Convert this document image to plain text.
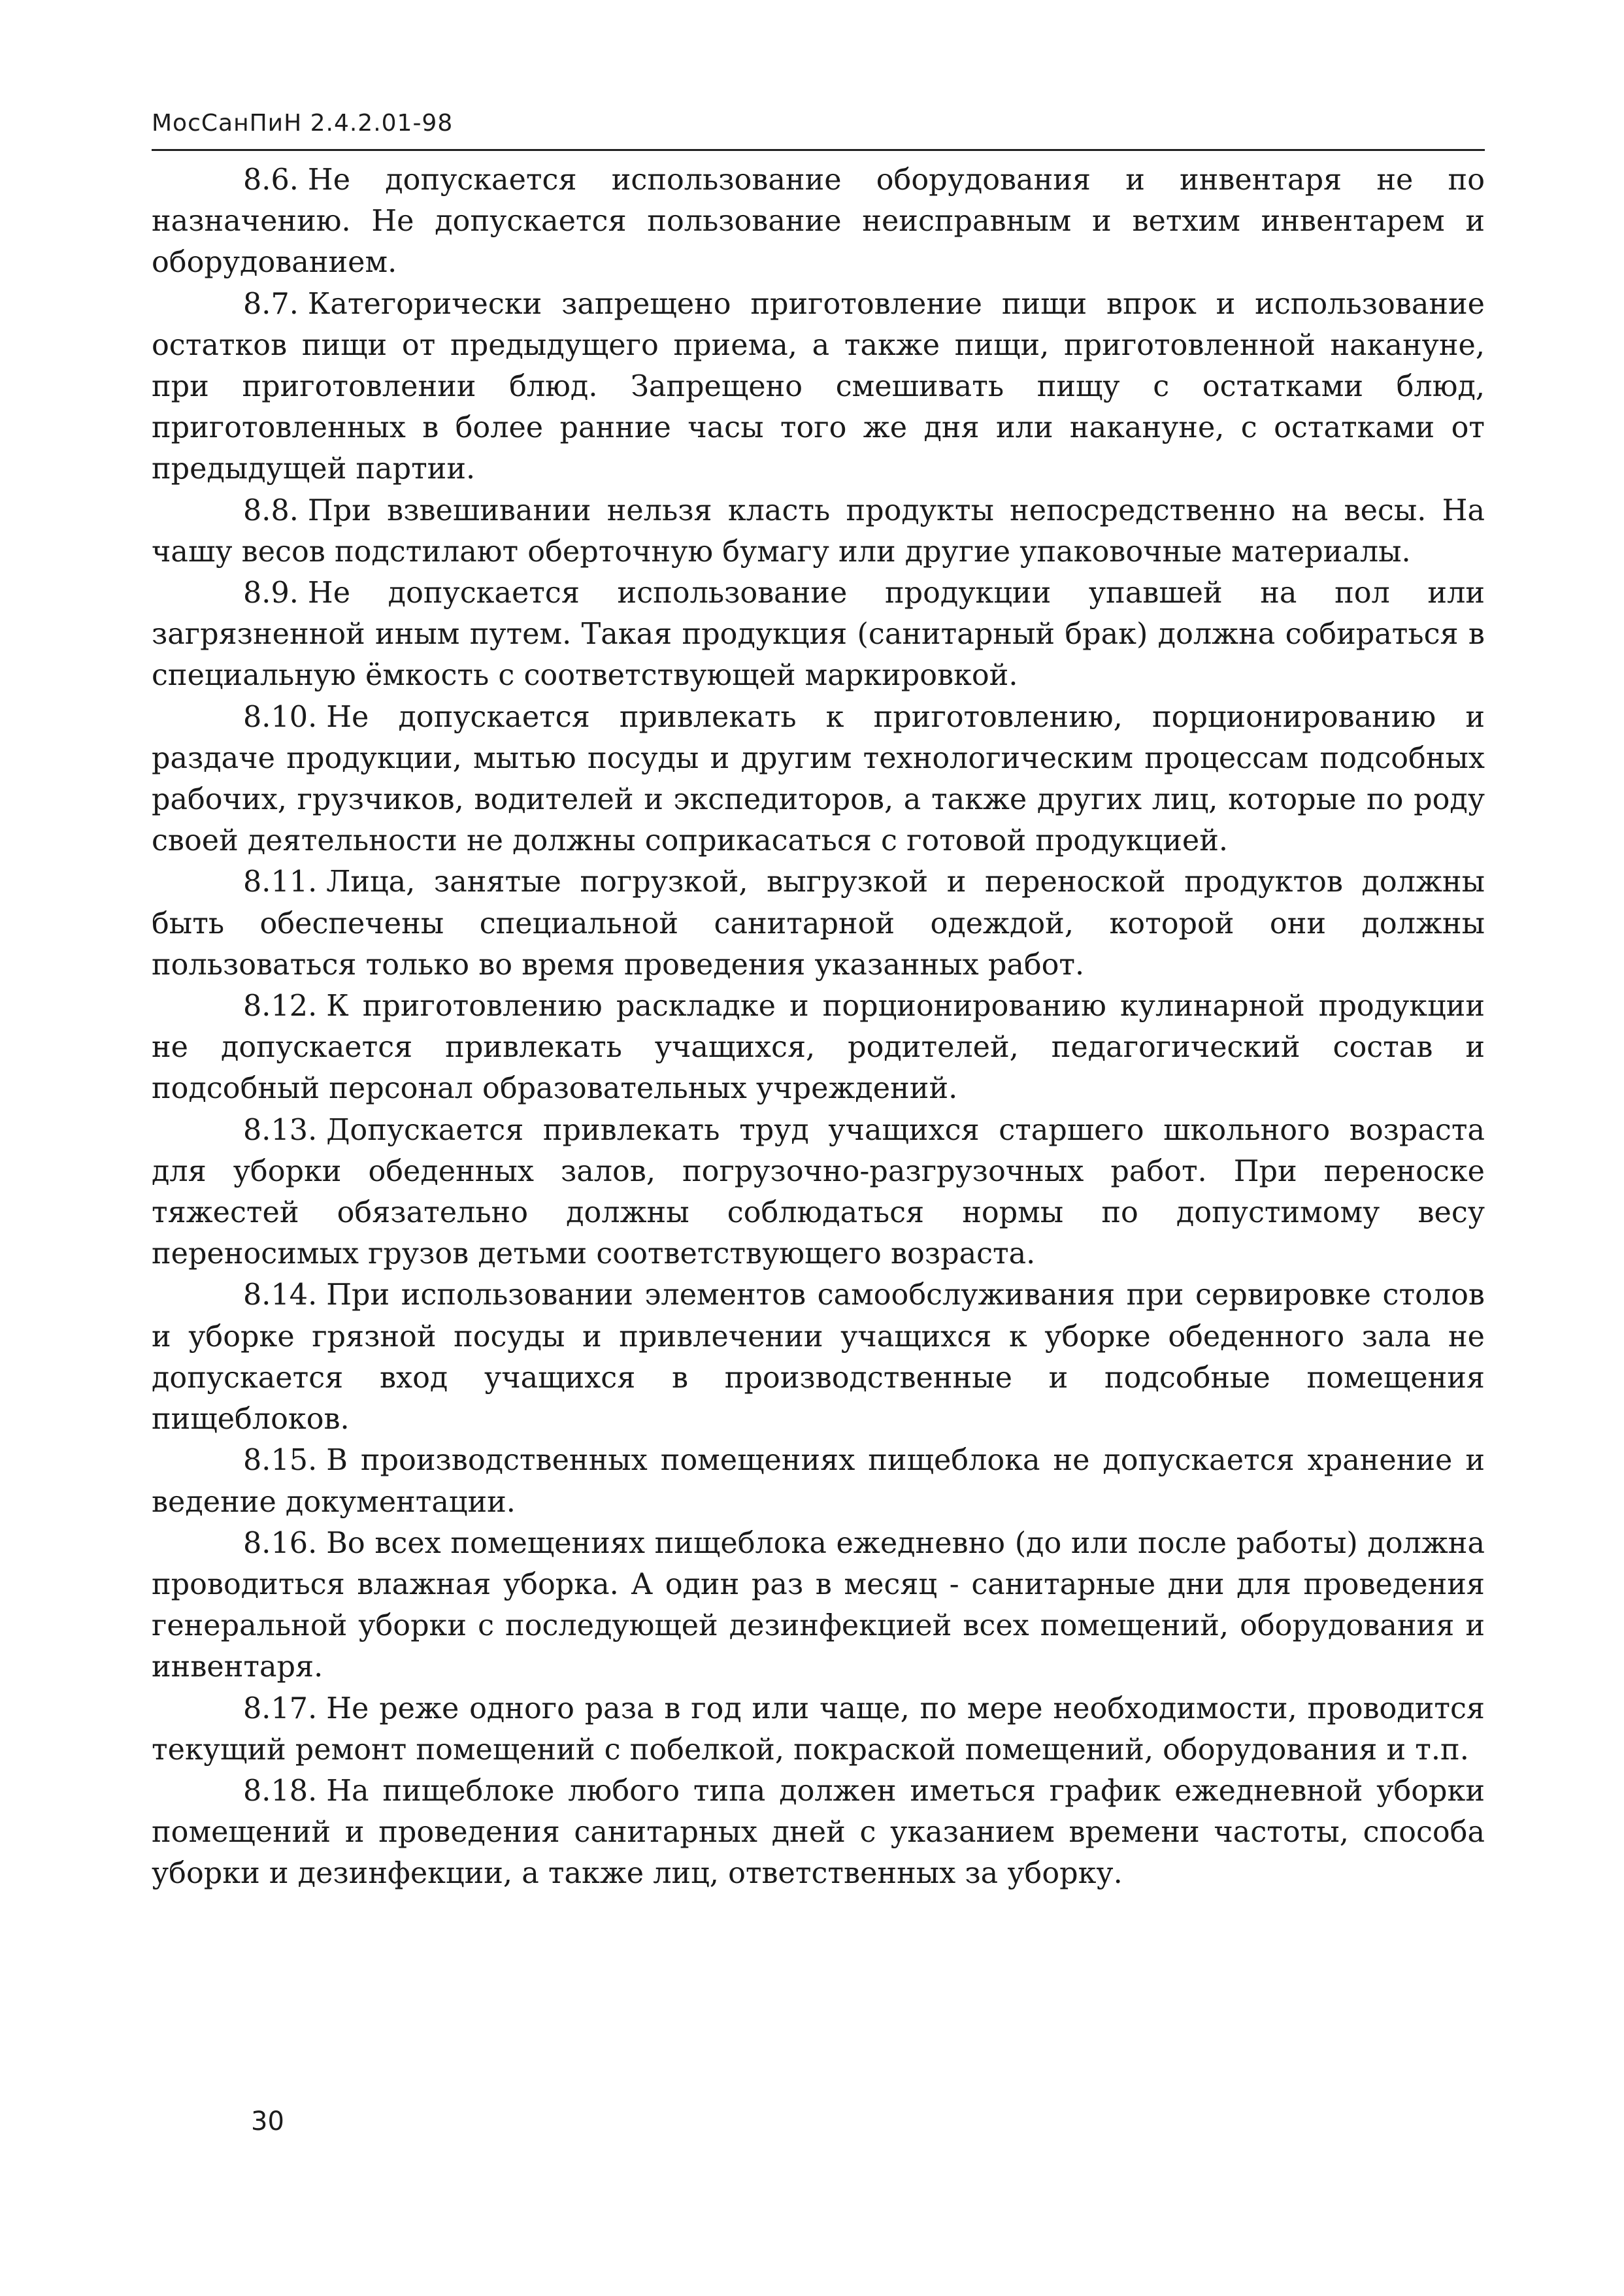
МосСанПиН 2.4.2.01-98

8.6. Не допускается использование оборудования и инвентаря не по назначению. Не допускается пользование неисправным и ветхим инвентарем и оборудованием.

8.7. Категорически запрещено приготовление пищи впрок и использование остатков пищи от предыдущего приема, а также пищи, приготовленной накануне, при приготовлении блюд. Запрещено смешивать пищу с остатками блюд, приготовленных в более ранние часы того же дня или накануне, с остатками от предыдущей партии.

8.8. При взвешивании нельзя класть продукты непосредственно на весы. На чашу весов подстилают оберточную бумагу или другие упаковочные материалы.

8.9. Не допускается использование продукции упавшей на пол или загрязненной иным путем. Такая продукция (санитарный брак) должна собираться в специальную ёмкость с соответствующей маркировкой.

8.10. Не допускается привлекать к приготовлению, порционированию и раздаче продукции, мытью посуды и другим технологическим процессам подсобных рабочих, грузчиков, водителей и экспедиторов, а также других лиц, которые по роду своей деятельности не должны соприкасаться с готовой продукцией.

8.11. Лица, занятые погрузкой, выгрузкой и переноской продуктов должны быть обеспечены специальной санитарной одеждой, которой они должны пользоваться только во время проведения указанных работ.

8.12. К приготовлению раскладке и порционированию кулинарной продукции не допускается привлекать учащихся, родителей, педагогический состав и подсобный персонал образовательных учреждений.

8.13. Допускается привлекать труд учащихся старшего школьного возраста для уборки обеденных залов, погрузочно-разгрузочных работ. При переноске тяжестей обязательно должны соблюдаться нормы по допустимому весу переносимых грузов детьми соответствующего возраста.

8.14. При использовании элементов самообслуживания при сервировке столов и уборке грязной посуды и привлечении учащихся к уборке обеденного зала не допускается вход учащихся в производственные и подсобные помещения пищеблоков.

8.15. В производственных помещениях пищеблока не допускается хранение и ведение документации.

8.16. Во всех помещениях пищеблока ежедневно (до или после работы) должна проводиться влажная уборка. А один раз в месяц - санитарные дни для проведения генеральной уборки с последующей дезинфекцией всех помещений, оборудования и инвентаря.

8.17. Не реже одного раза в год или чаще, по мере необходимости, проводится текущий ремонт помещений с побелкой, покраской помещений, оборудования и т.п.

8.18. На пищеблоке любого типа должен иметься график ежедневной уборки помещений и проведения санитарных дней с указанием времени частоты, способа уборки и дезинфекции, а также лиц, ответственных за уборку.

30
